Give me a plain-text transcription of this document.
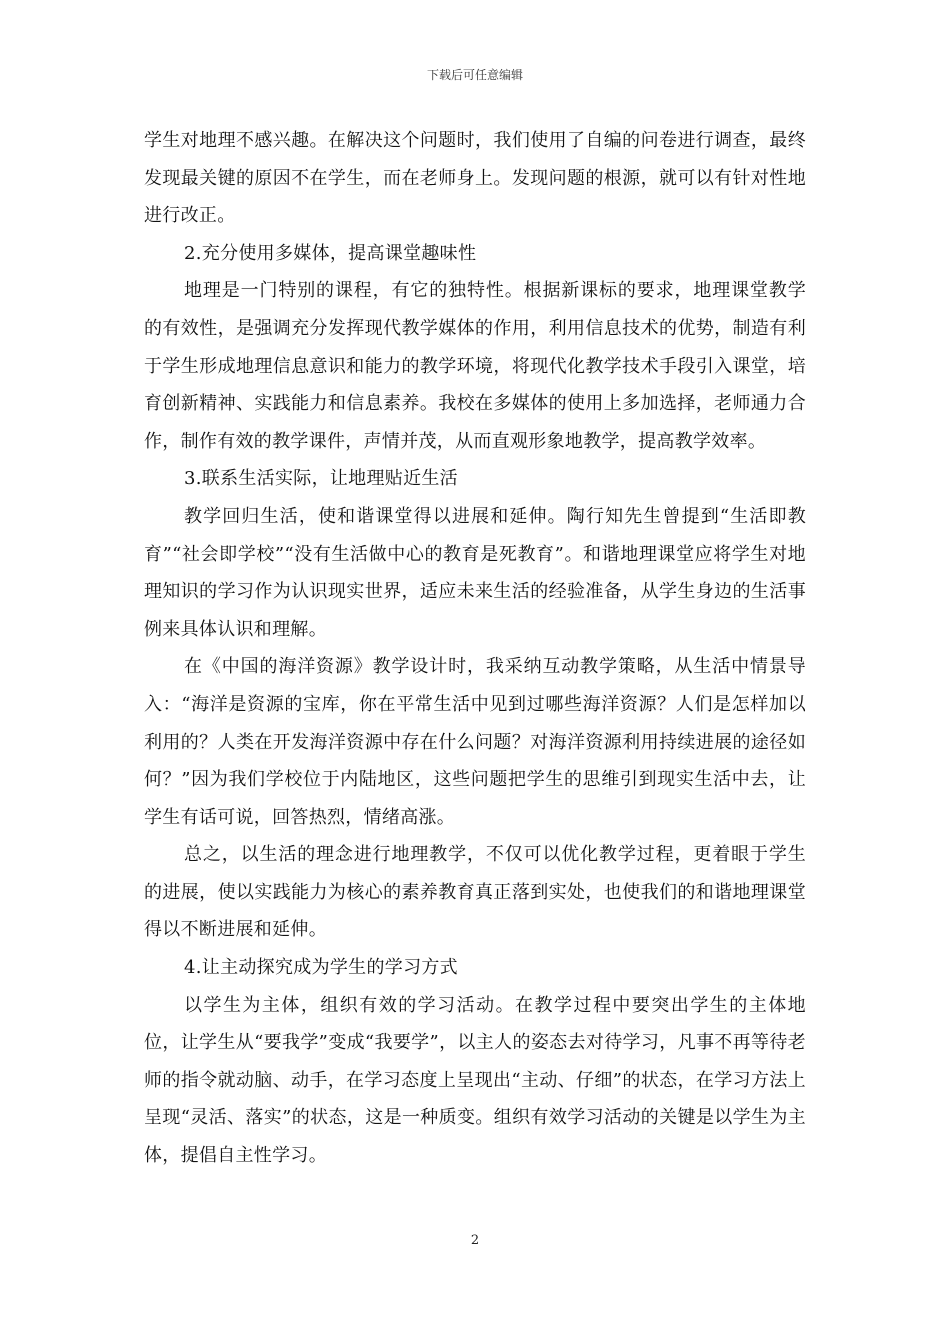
下载后可任意编辑

学生对地理不感兴趣。在解决这个问题时，我们使用了自编的问卷进行调查，最终发现最关键的原因不在学生，而在老师身上。发现问题的根源，就可以有针对性地进行改正。

2.充分使用多媒体，提高课堂趣味性

地理是一门特别的课程，有它的独特性。根据新课标的要求，地理课堂教学的有效性，是强调充分发挥现代教学媒体的作用，利用信息技术的优势，制造有利于学生形成地理信息意识和能力的教学环境，将现代化教学技术手段引入课堂，培育创新精神、实践能力和信息素养。我校在多媒体的使用上多加选择，老师通力合作，制作有效的教学课件，声情并茂，从而直观形象地教学，提高教学效率。

3.联系生活实际，让地理贴近生活

教学回归生活，使和谐课堂得以进展和延伸。陶行知先生曾提到“生活即教育”“社会即学校”“没有生活做中心的教育是死教育”。和谐地理课堂应将学生对地理知识的学习作为认识现实世界，适应未来生活的经验准备，从学生身边的生活事例来具体认识和理解。

在《中国的海洋资源》教学设计时，我采纳互动教学策略，从生活中情景导入：“海洋是资源的宝库，你在平常生活中见到过哪些海洋资源？人们是怎样加以利用的？人类在开发海洋资源中存在什么问题？对海洋资源利用持续进展的途径如何？”因为我们学校位于内陆地区，这些问题把学生的思维引到现实生活中去，让学生有话可说，回答热烈，情绪高涨。

总之，以生活的理念进行地理教学，不仅可以优化教学过程，更着眼于学生的进展，使以实践能力为核心的素养教育真正落到实处，也使我们的和谐地理课堂得以不断进展和延伸。

4.让主动探究成为学生的学习方式

以学生为主体，组织有效的学习活动。在教学过程中要突出学生的主体地位，让学生从“要我学”变成“我要学”，以主人的姿态去对待学习，凡事不再等待老师的指令就动脑、动手，在学习态度上呈现出“主动、仔细”的状态，在学习方法上呈现“灵活、落实”的状态，这是一种质变。组织有效学习活动的关键是以学生为主体，提倡自主性学习。

2
